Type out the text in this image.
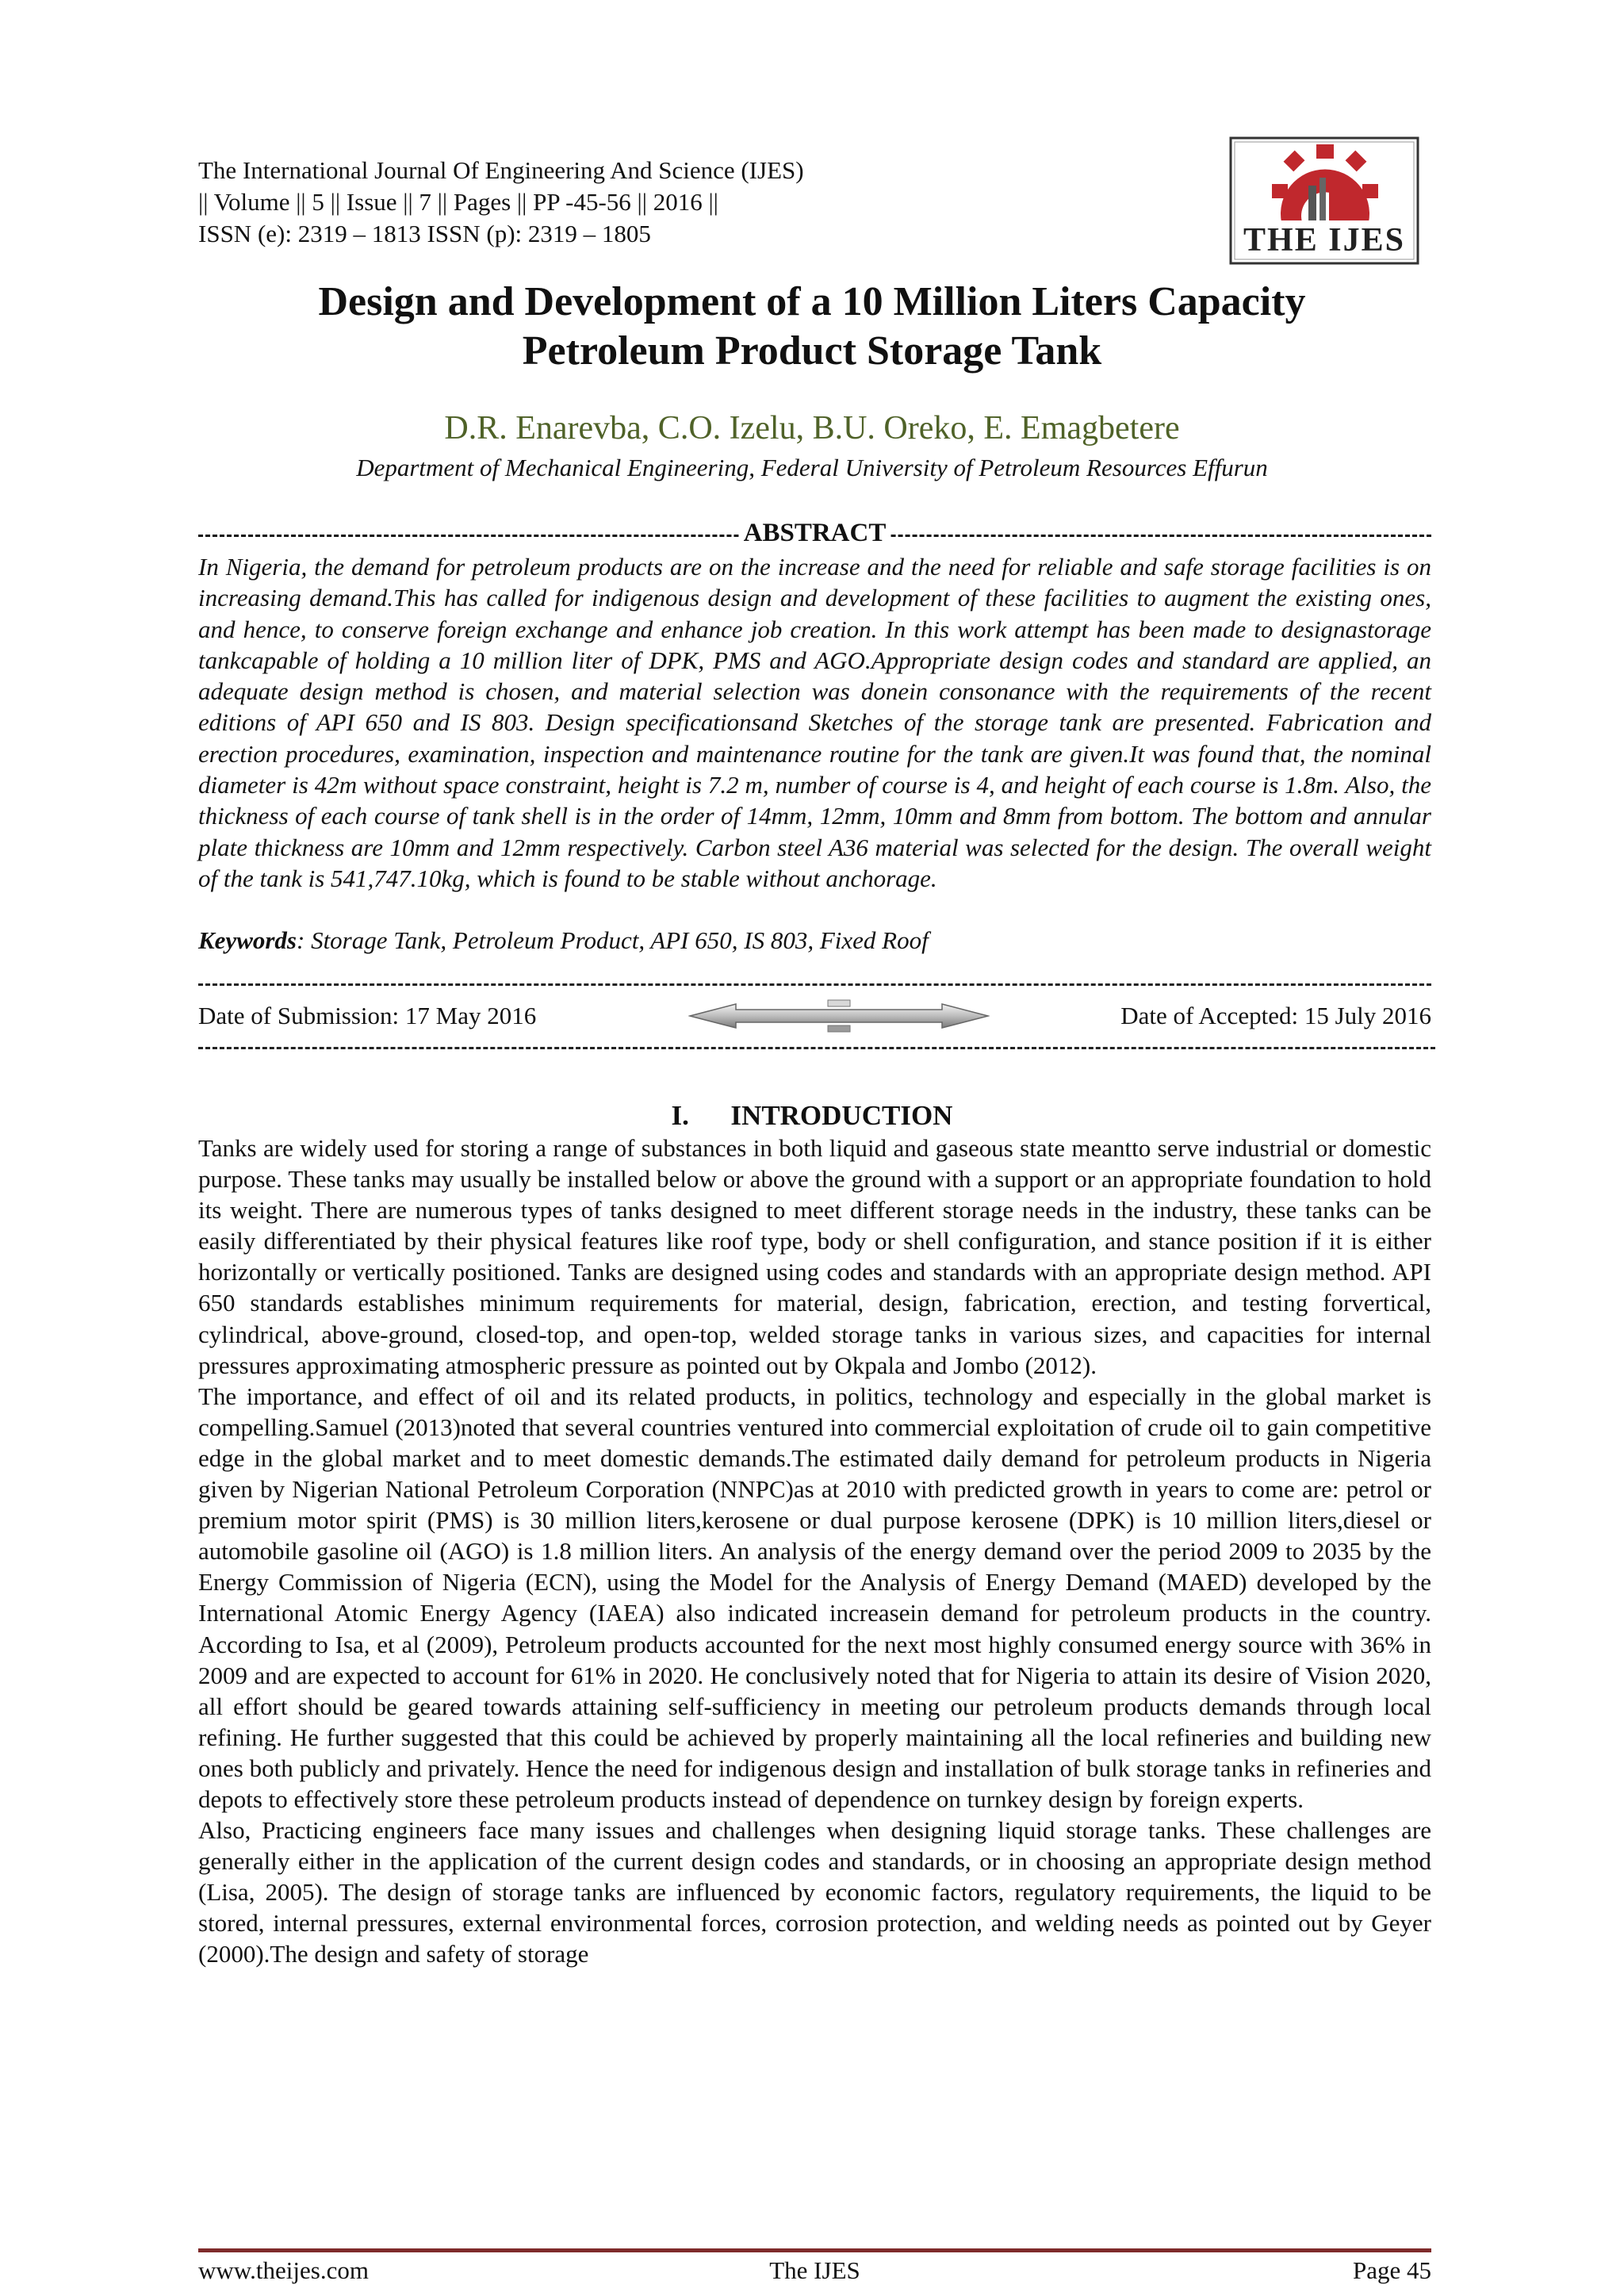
The International Journal Of Engineering And Science (IJES)
|| Volume || 5 || Issue || 7 || Pages || PP -45-56 || 2016 ||
ISSN (e): 2319 – 1813 ISSN (p): 2319 – 1805	THE IJES
Design and Development of a 10 Million Liters Capacity
Petroleum Product Storage Tank
D.R. Enarevba, C.O. Izelu, B.U. Oreko, E. Emagbetere
Department of Mechanical Engineering, Federal University of Petroleum Resources Effurun
ABSTRACT
In Nigeria, the demand for petroleum products are on the increase and the need for reliable and safe storage facilities is on increasing demand.This has called for indigenous design and development of these facilities to augment the existing ones, and hence, to conserve foreign exchange and enhance job creation. In this work attempt has been made to designastorage tankcapable of holding a 10 million liter of DPK, PMS and AGO.Appropriate design codes and standard are applied, an adequate design method is chosen, and material selection was donein consonance with the requirements of the recent editions of API 650 and IS 803. Design specificationsand Sketches of the storage tank are presented. Fabrication and erection procedures, examination, inspection and maintenance routine for the tank are given.It was found that, the nominal diameter is 42m without space constraint, height is 7.2 m, number of course is 4, and height of each course is 1.8m. Also, the thickness of each course of tank shell is in the order of 14mm, 12mm, 10mm and 8mm from bottom. The bottom and annular plate thickness are 10mm and 12mm respectively. Carbon steel A36 material was selected for the design. The overall weight of the tank is 541,747.10kg, which is found to be stable without anchorage.
Keywords: Storage Tank, Petroleum Product, API 650, IS 803, Fixed Roof
Date of Submission: 17 May 2016	Date of Accepted: 15 July 2016
I.      INTRODUCTION

Tanks are widely used for storing a range of substances in both liquid and gaseous state meantto serve industrial or domestic purpose. These tanks may usually be installed below or above the ground with a support or an appropriate foundation to hold its weight. There are numerous types of tanks designed to meet different storage needs in the industry, these tanks can be easily differentiated by their physical features like roof type, body or shell configuration, and stance position if it is either horizontally or vertically positioned. Tanks are designed using codes and standards with an appropriate design method. API 650 standards establishes minimum requirements for material, design, fabrication, erection, and testing forvertical, cylindrical, above-ground, closed-top, and open-top, welded storage tanks in various sizes, and capacities for internal pressures approximating atmospheric pressure as pointed out by Okpala and Jombo (2012).

The importance, and effect of oil and its related products, in politics, technology and especially in the global market is compelling.Samuel (2013)noted that several countries ventured into commercial exploitation of crude oil to gain competitive edge in the global market and to meet domestic demands.The estimated daily demand for petroleum products in Nigeria given by Nigerian National Petroleum Corporation (NNPC)as at 2010 with predicted growth in years to come are: petrol or premium motor spirit (PMS) is 30 million liters,kerosene or dual purpose kerosene (DPK) is 10 million liters,diesel or automobile gasoline oil (AGO) is 1.8 million liters. An analysis of the energy demand over the period 2009 to 2035 by the Energy Commission of Nigeria (ECN), using the Model for the Analysis of Energy Demand (MAED) developed by the International Atomic Energy Agency (IAEA) also indicated increasein demand for petroleum products in the country. According to Isa, et al (2009), Petroleum products accounted for the next most highly consumed energy source with 36% in 2009 and are expected to account for 61% in 2020. He conclusively noted that for Nigeria to attain its desire of Vision 2020, all effort should be geared towards attaining self-sufficiency in meeting our petroleum products demands through local refining. He further suggested that this could be achieved by properly maintaining all the local refineries and building new ones both publicly and privately. Hence the need for indigenous design and installation of bulk storage tanks in refineries and depots to effectively store these petroleum products instead of dependence on turnkey design by foreign experts.

Also, Practicing engineers face many issues and challenges when designing liquid storage tanks. These challenges are generally either in the application of the current design codes and standards, or in choosing an appropriate design method (Lisa, 2005). The design of storage tanks are influenced by economic factors, regulatory requirements, the liquid to be stored, internal pressures, external environmental forces, corrosion protection, and welding needs as pointed out by Geyer (2000).The design and safety of storage

www.theijes.com	The IJES	Page 45
